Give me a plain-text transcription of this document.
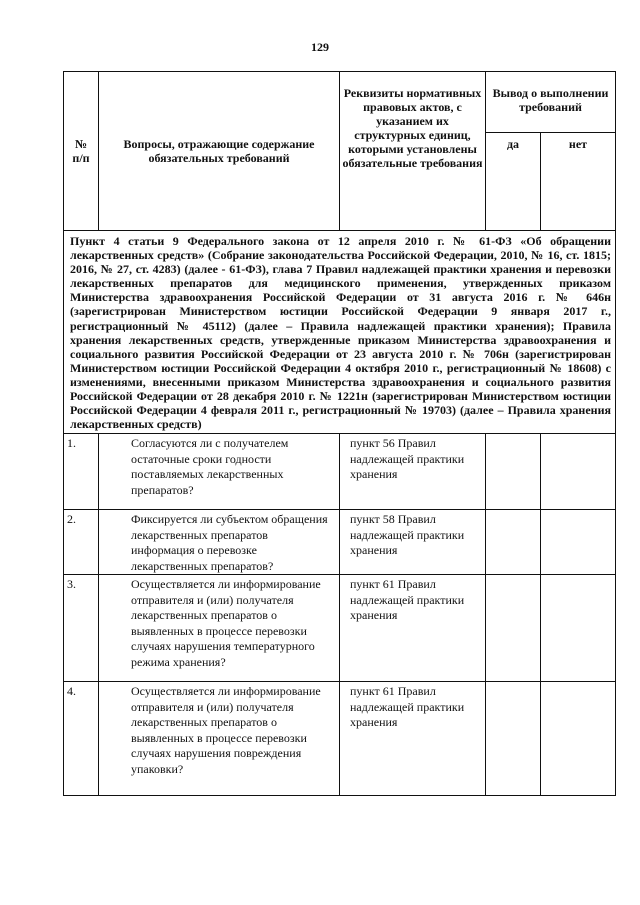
129
№
п/п	Вопросы, отражающие содержание обязательных требований	Реквизиты нормативных правовых актов, с указанием их структурных единиц, которыми установлены обязательные требования	Вывод о выполнении требований	
			да	нет
Пункт 4 статьи 9 Федерального закона от 12 апреля 2010 г. № 61-ФЗ «Об обращении лекарственных средств» (Собрание законодательства Российской Федерации, 2010, № 16, ст. 1815; 2016, № 27, ст. 4283) (далее - 61-ФЗ), глава 7 Правил надлежащей практики хранения и перевозки лекарственных препаратов для медицинского применения, утвержденных приказом Министерства здравоохранения Российской Федерации от 31 августа 2016 г. № 646н (зарегистрирован Министерством юстиции Российской Федерации 9 января 2017 г., регистрационный № 45112) (далее – Правила надлежащей практики хранения); Правила хранения лекарственных средств, утвержденные приказом Министерства здравоохранения и социального развития Российской Федерации от 23 августа 2010 г. № 706н (зарегистрирован Министерством юстиции Российской Федерации 4 октября 2010 г., регистрационный № 18608) с изменениями, внесенными приказом Министерства здравоохранения и социального развития Российской Федерации от 28 декабря 2010 г. № 1221н (зарегистрирован Министерством юстиции Российской Федерации 4 февраля 2011 г., регистрационный № 19703) (далее – Правила хранения лекарственных средств)				
1.	Согласуются ли с получателем остаточные сроки годности поставляемых лекарственных препаратов?	пункт 56 Правил надлежащей практики хранения		
2.	Фиксируется ли субъектом обращения лекарственных препаратов информация о перевозке лекарственных препаратов?	пункт 58 Правил надлежащей практики хранения		
3.	Осуществляется ли информирование отправителя и (или) получателя лекарственных препаратов о выявленных в процессе перевозки случаях нарушения температурного режима хранения?	пункт 61 Правил надлежащей практики хранения		
4.	Осуществляется ли информирование отправителя и (или) получателя лекарственных препаратов о выявленных в процессе перевозки случаях нарушения повреждения упаковки?	пункт 61 Правил надлежащей практики хранения		
